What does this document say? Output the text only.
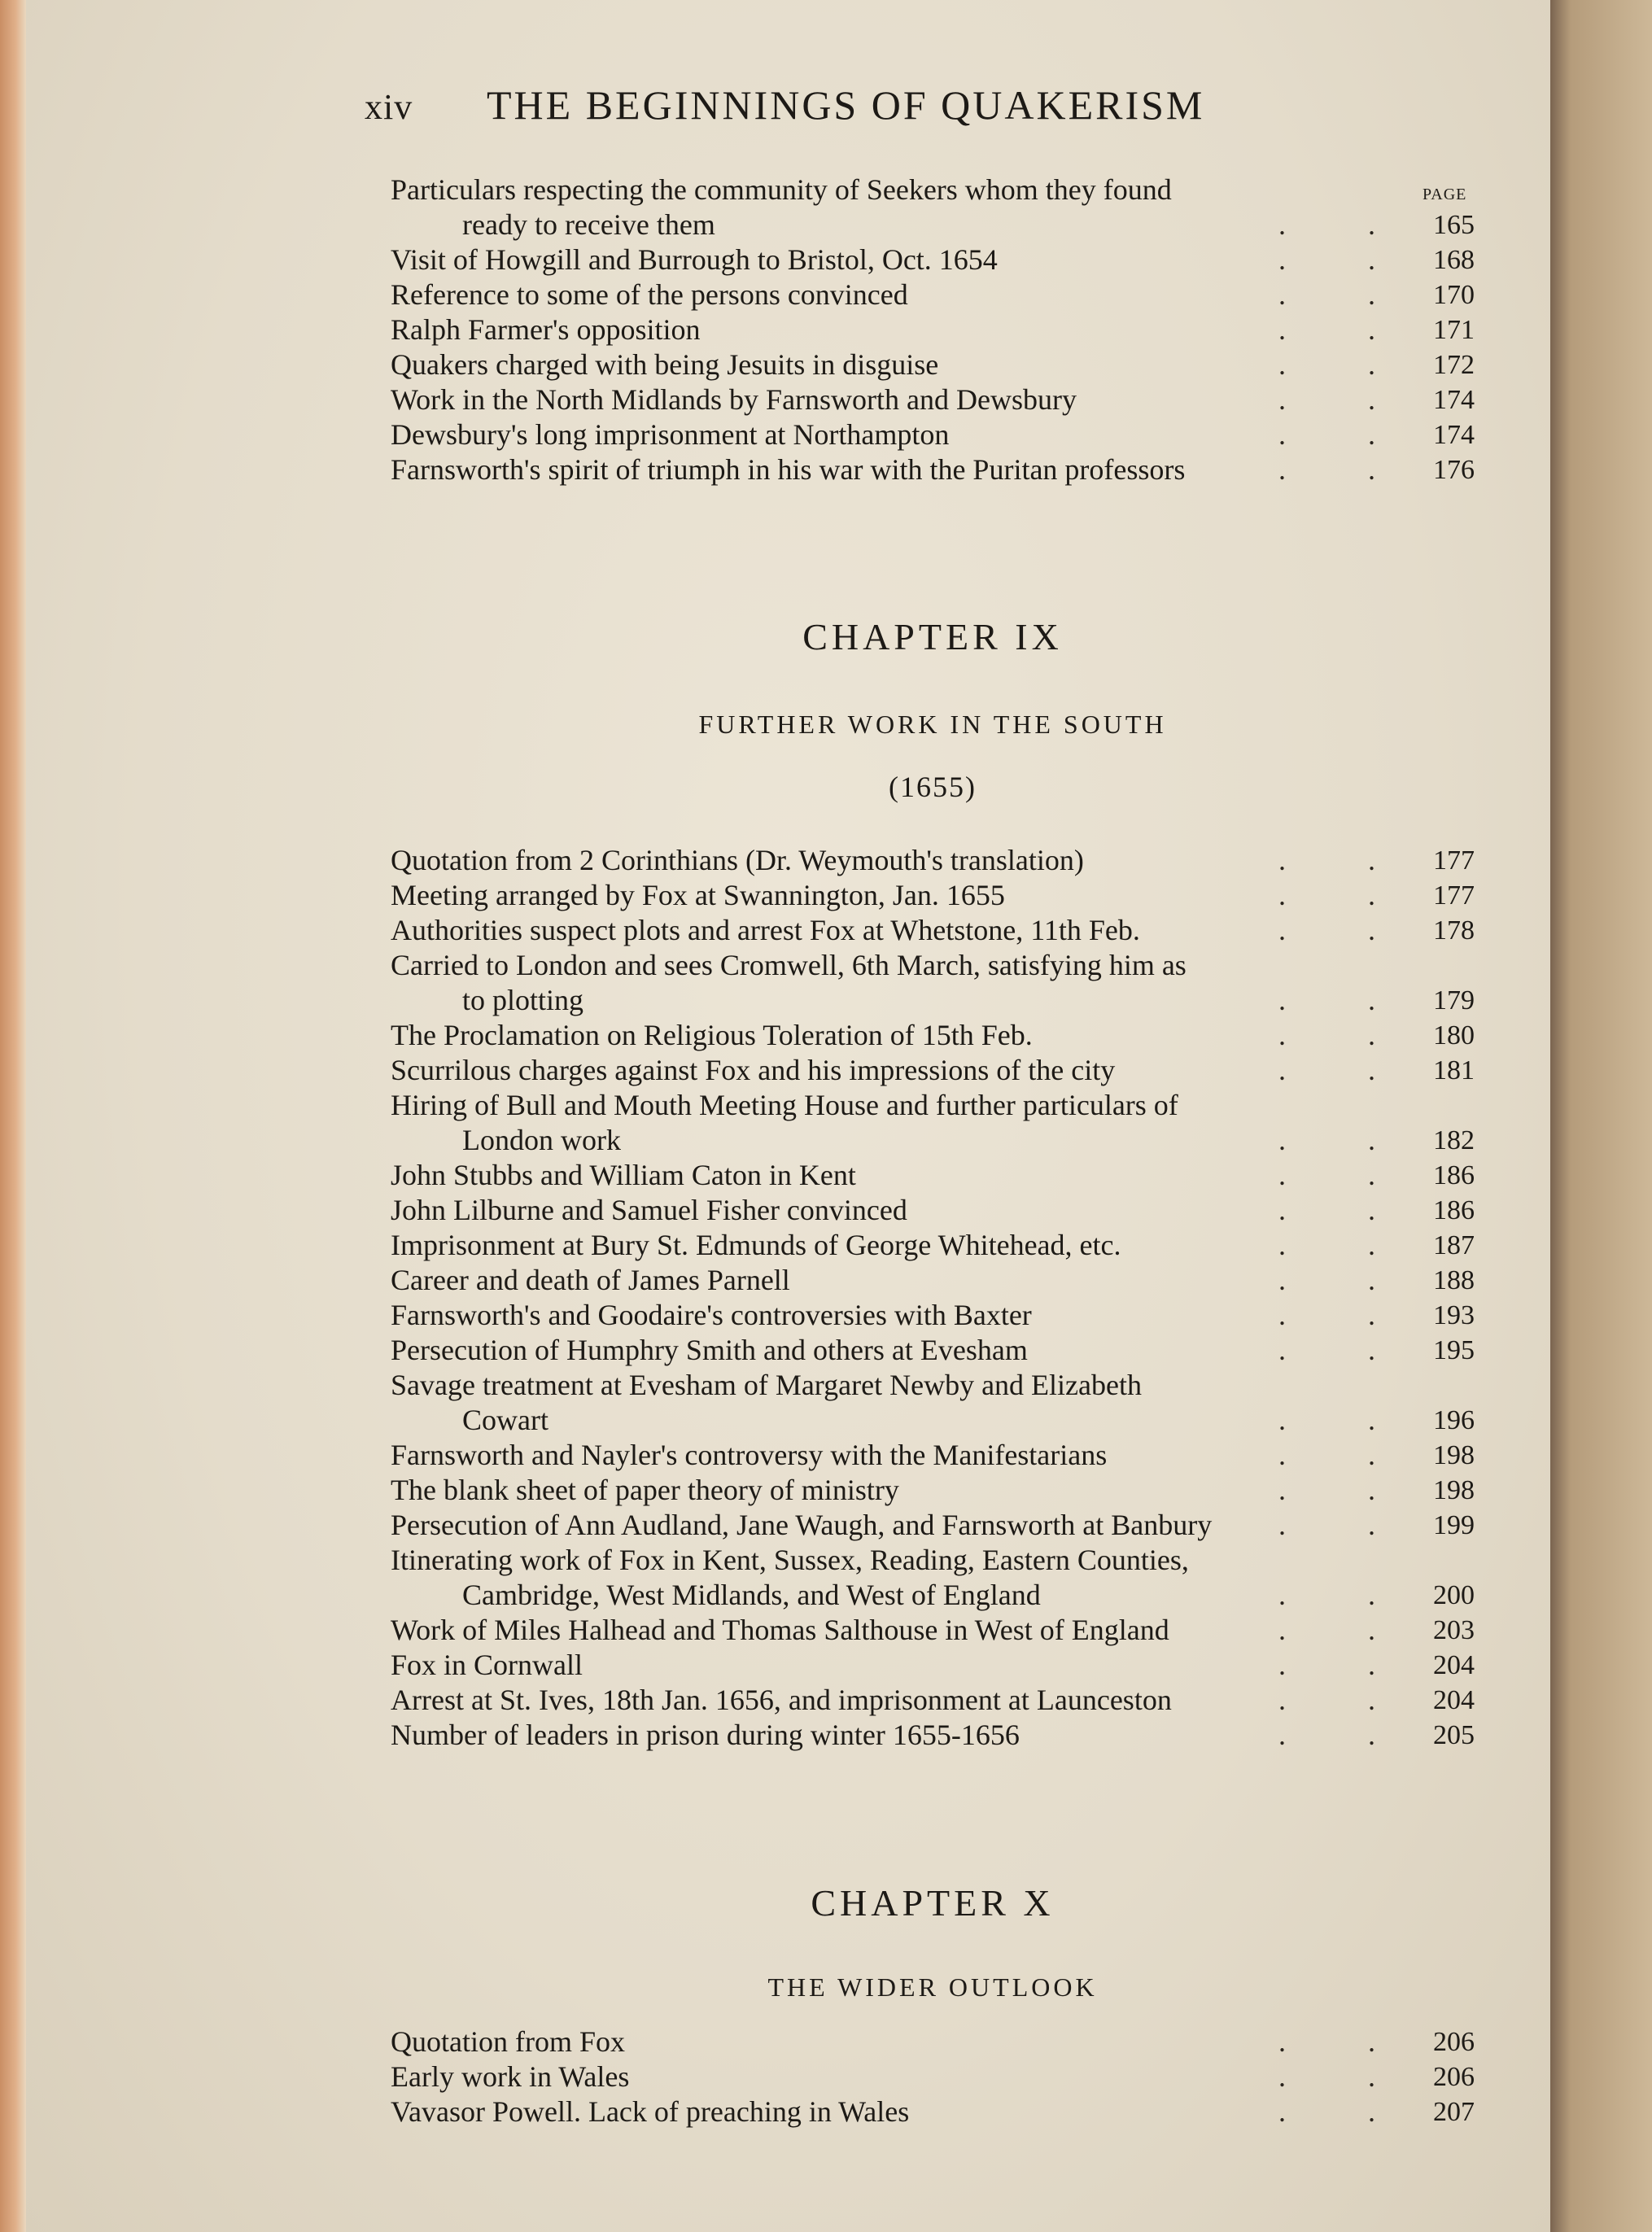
xiv	THE BEGINNINGS OF QUAKERISM
PAGE
Particulars respecting the community of Seekers whom they found
ready to receive them	. . 165
Visit of Howgill and Burrough to Bristol, Oct. 1654	. . 168
Reference to some of the persons convinced	. . 170
Ralph Farmer's opposition	. . 171
Quakers charged with being Jesuits in disguise	. . 172
Work in the North Midlands by Farnsworth and Dewsbury	. . 174
Dewsbury's long imprisonment at Northampton	. . 174
Farnsworth's spirit of triumph in his war with the Puritan professors	. . 176
CHAPTER IX
FURTHER WORK IN THE SOUTH
(1655)
Quotation from 2 Corinthians (Dr. Weymouth's translation)	. . 177
Meeting arranged by Fox at Swannington, Jan. 1655	. . 177
Authorities suspect plots and arrest Fox at Whetstone, 11th Feb.	. . 178
Carried to London and sees Cromwell, 6th March, satisfying him as
to plotting	. . 179
The Proclamation on Religious Toleration of 15th Feb.	. . 180
Scurrilous charges against Fox and his impressions of the city	. . 181
Hiring of Bull and Mouth Meeting House and further particulars of
London work	. . 182
John Stubbs and William Caton in Kent	. . 186
John Lilburne and Samuel Fisher convinced	. . 186
Imprisonment at Bury St. Edmunds of George Whitehead, etc.	. . 187
Career and death of James Parnell	. . 188
Farnsworth's and Goodaire's controversies with Baxter	. . 193
Persecution of Humphry Smith and others at Evesham	. . 195
Savage treatment at Evesham of Margaret Newby and Elizabeth
Cowart	. . 196
Farnsworth and Nayler's controversy with the Manifestarians	. . 198
The blank sheet of paper theory of ministry	. . 198
Persecution of Ann Audland, Jane Waugh, and Farnsworth at Banbury	. . 199
Itinerating work of Fox in Kent, Sussex, Reading, Eastern Counties,
Cambridge, West Midlands, and West of England	. . 200
Work of Miles Halhead and Thomas Salthouse in West of England	. . 203
Fox in Cornwall	. . 204
Arrest at St. Ives, 18th Jan. 1656, and imprisonment at Launceston	. . 204
Number of leaders in prison during winter 1655-1656	. . 205
CHAPTER X
THE WIDER OUTLOOK
Quotation from Fox	. . 206
Early work in Wales	. . 206
Vavasor Powell. Lack of preaching in Wales	. . 207
